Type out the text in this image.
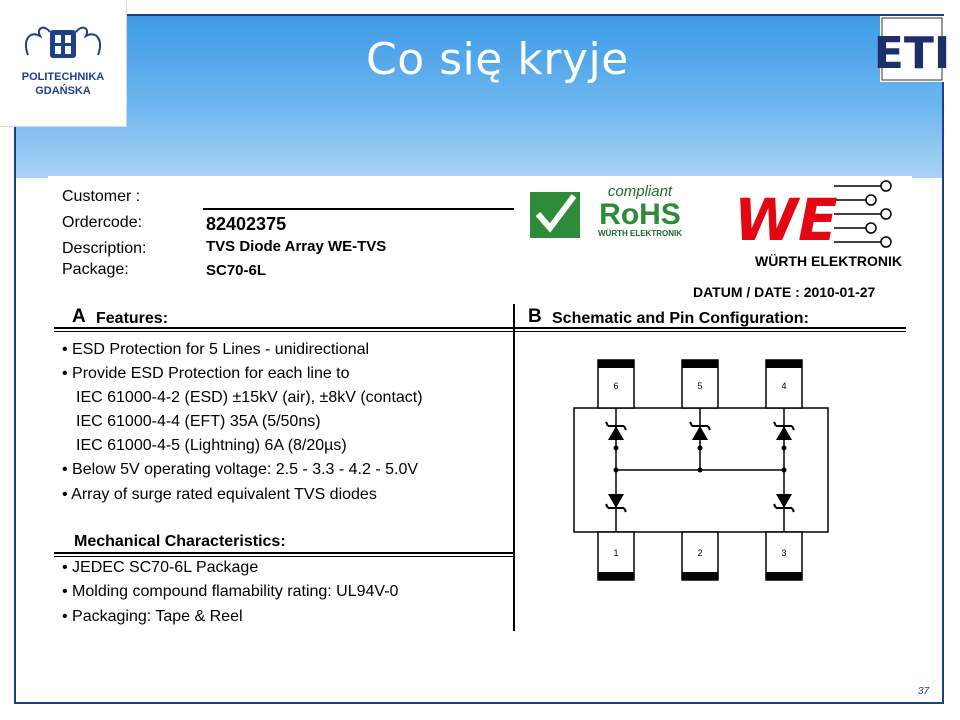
POLITECHNIKA
GDAŃSKA
Co się kryje	ETI
Customer :
Ordercode:	82402375
Description:	TVS Diode Array WE-TVS
Package:	SC70-6L
compliant
RoHS
WÜRTH ELEKTRONIK WE
WÜRTH ELEKTRONIK
DATUM / DATE : 2010-01-27
A Features:	B Schematic and Pin Configuration:
• ESD Protection for 5 Lines - unidirectional
• Provide ESD Protection for each line to
IEC 61000-4-2 (ESD) ±15kV (air), ±8kV (contact)
IEC 61000-4-4 (EFT) 35A (5/50ns)
IEC 61000-4-5 (Lightning) 6A (8/20µs)
• Below 5V operating voltage: 2.5 - 3.3 - 4.2 - 5.0V
• Array of surge rated equivalent TVS diodes
Mechanical Characteristics:
• JEDEC SC70-6L Package
• Molding compound flamability rating: UL94V-0
• Packaging: Tape & Reel
6	5	4
1	2	3
37
